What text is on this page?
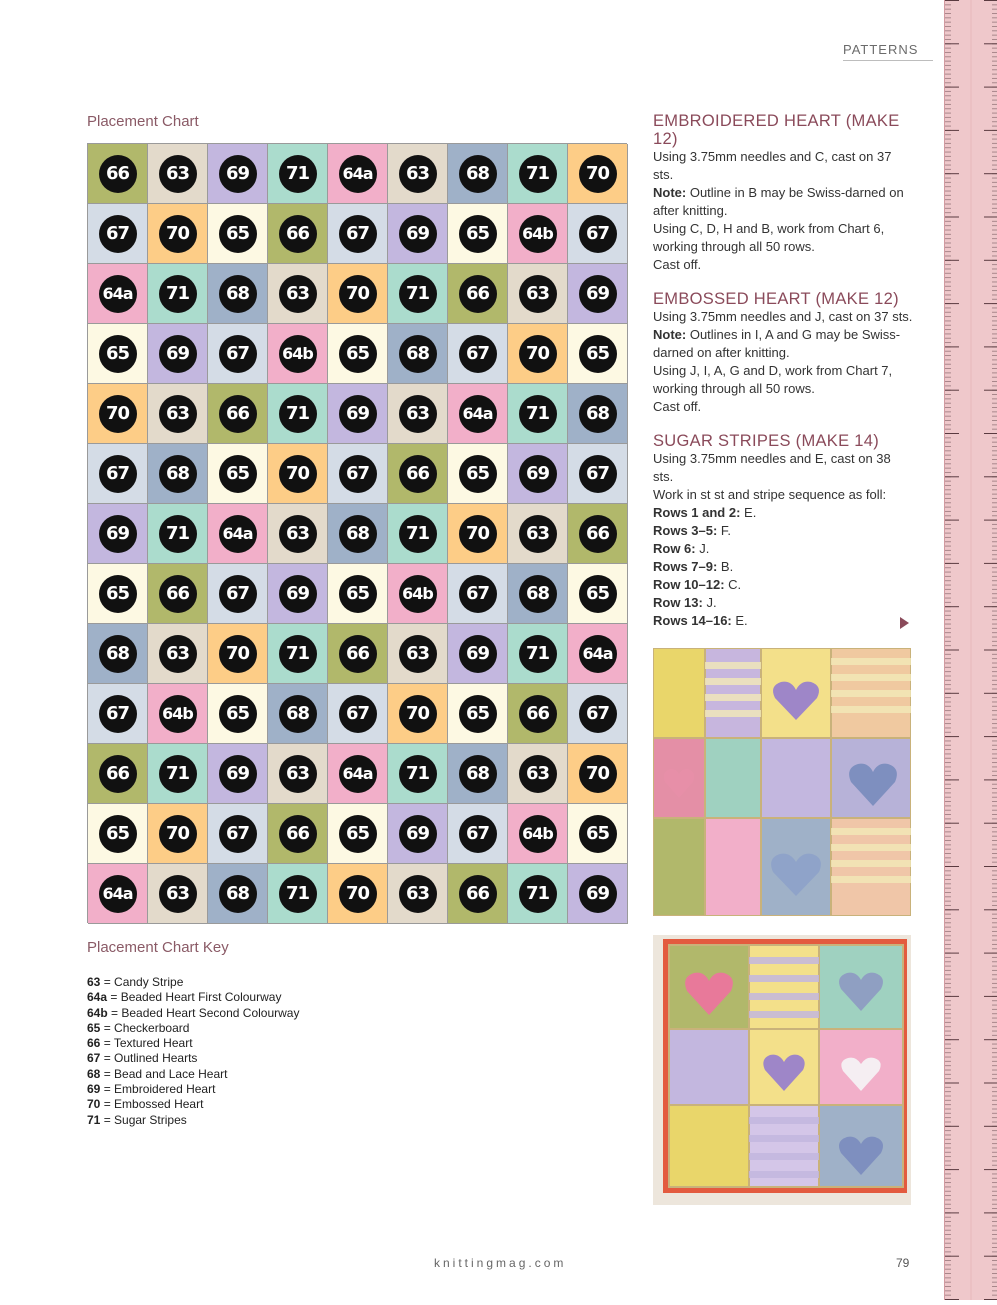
PATTERNS
Placement Chart
66	63	69	71	64a	63	68	71	70
67	70	65	66	67	69	65	64b	67
64a	71	68	63	70	71	66	63	69
65	69	67	64b	65	68	67	70	65
70	63	66	71	69	63	64a	71	68
67	68	65	70	67	66	65	69	67
69	71	64a	63	68	71	70	63	66
65	66	67	69	65	64b	67	68	65
68	63	70	71	66	63	69	71	64a
67	64b	65	68	67	70	65	66	67
66	71	69	63	64a	71	68	63	70
65	70	67	66	65	69	67	64b	65
64a	63	68	71	70	63	66	71	69
Placement Chart Key
63 = Candy Stripe
64a = Beaded Heart First Colourway
64b = Beaded Heart Second Colourway
65 = Checkerboard
66 = Textured Heart
67 = Outlined Hearts
68 = Bead and Lace Heart
69 = Embroidered Heart
70 = Embossed Heart
71 = Sugar Stripes
EMBROIDERED HEART (MAKE 12)

Using 3.75mm needles and C, cast on 37 sts.

Note: Outline in B may be Swiss-darned on after knitting.

Using C, D, H and B, work from Chart 6, working through all 50 rows.

Cast off.

EMBOSSED HEART (MAKE 12)

Using 3.75mm needles and J, cast on 37 sts.

Note: Outlines in I, A and G may be Swiss-darned on after knitting.

Using J, I, A, G and D, work from Chart 7, working through all 50 rows.

Cast off.

SUGAR STRIPES (MAKE 14)

Using 3.75mm needles and E, cast on 38 sts.

Work in st st and stripe sequence as foll:

Rows 1 and 2: E.

Rows 3–5: F.

Row 6: J.

Rows 7–9: B.

Row 10–12: C.

Row 13: J.

Rows 14–16: E.

knittingmag.com	79
